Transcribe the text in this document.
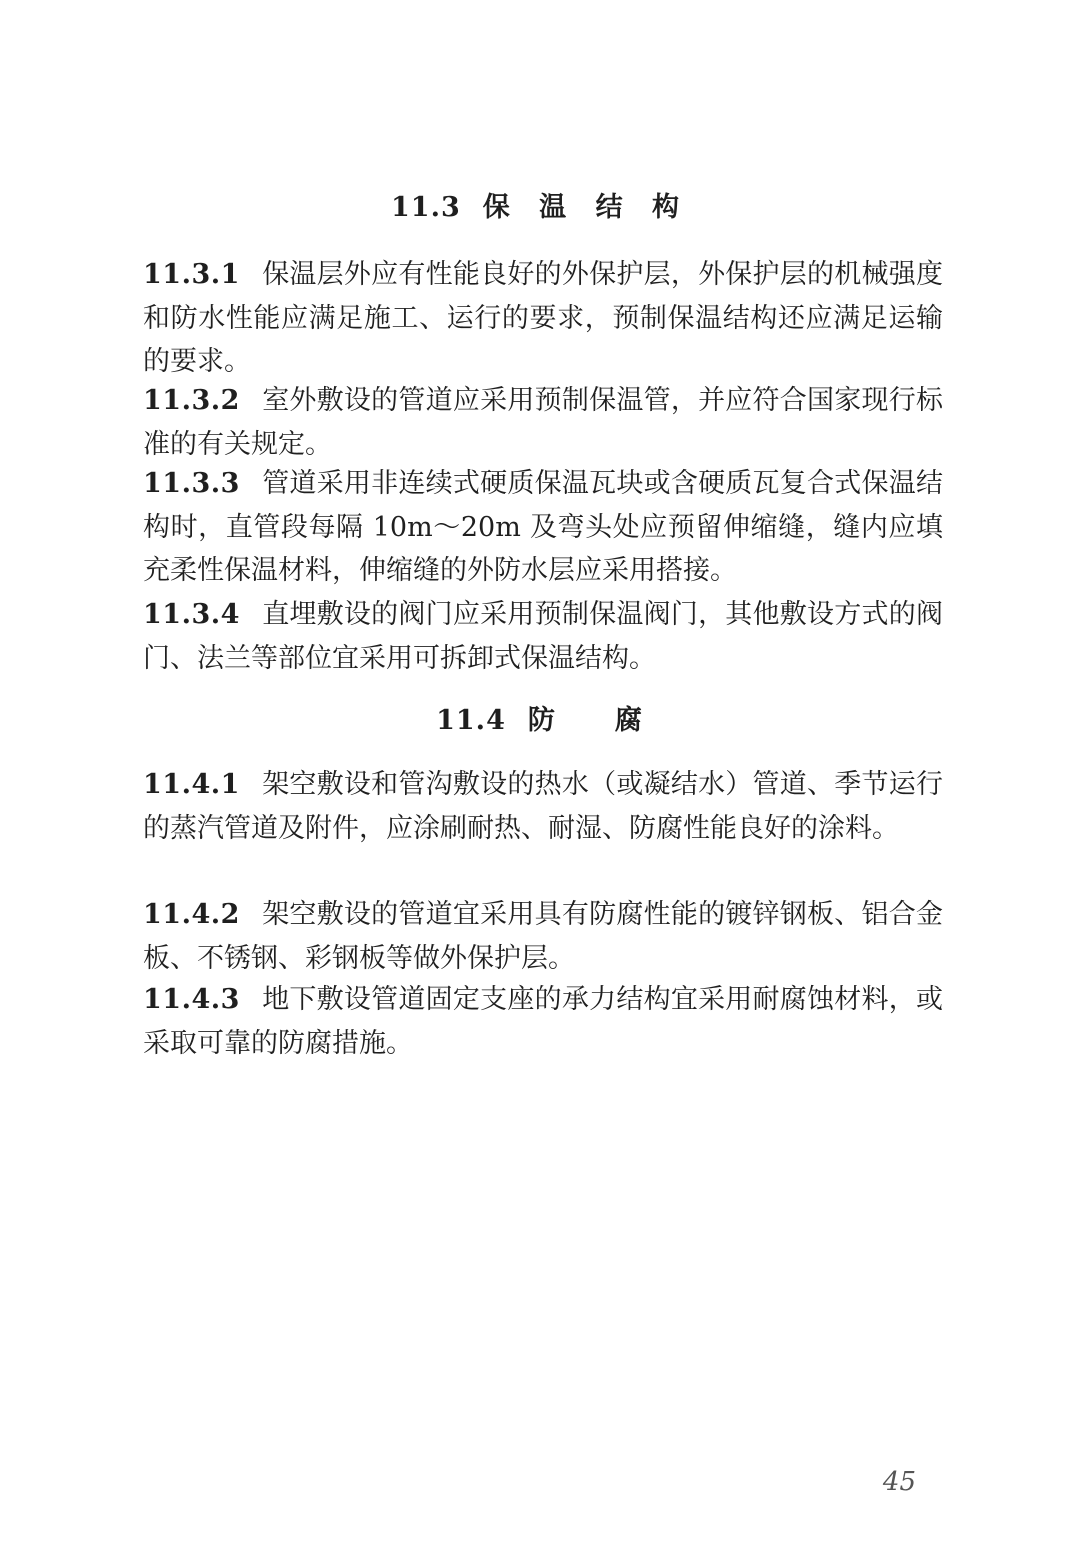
11.3 保 温 结 构
11.3.1 保温层外应有性能良好的外保护层，外保护层的机械强度和防水性能应满足施工、运行的要求，预制保温结构还应满足运输的要求。
11.3.2 室外敷设的管道应采用预制保温管，并应符合国家现行标准的有关规定。
11.3.3 管道采用非连续式硬质保温瓦块或含硬质瓦复合式保温结构时，直管段每隔 10m～20m 及弯头处应预留伸缩缝，缝内应填充柔性保温材料，伸缩缝的外防水层应采用搭接。
11.3.4 直埋敷设的阀门应采用预制保温阀门，其他敷设方式的阀门、法兰等部位宜采用可拆卸式保温结构。
11.4 防　　腐
11.4.1 架空敷设和管沟敷设的热水（或凝结水）管道、季节运行的蒸汽管道及附件，应涂刷耐热、耐湿、防腐性能良好的涂料。
11.4.2 架空敷设的管道宜采用具有防腐性能的镀锌钢板、铝合金板、不锈钢、彩钢板等做外保护层。
11.4.3 地下敷设管道固定支座的承力结构宜采用耐腐蚀材料，或采取可靠的防腐措施。
45
